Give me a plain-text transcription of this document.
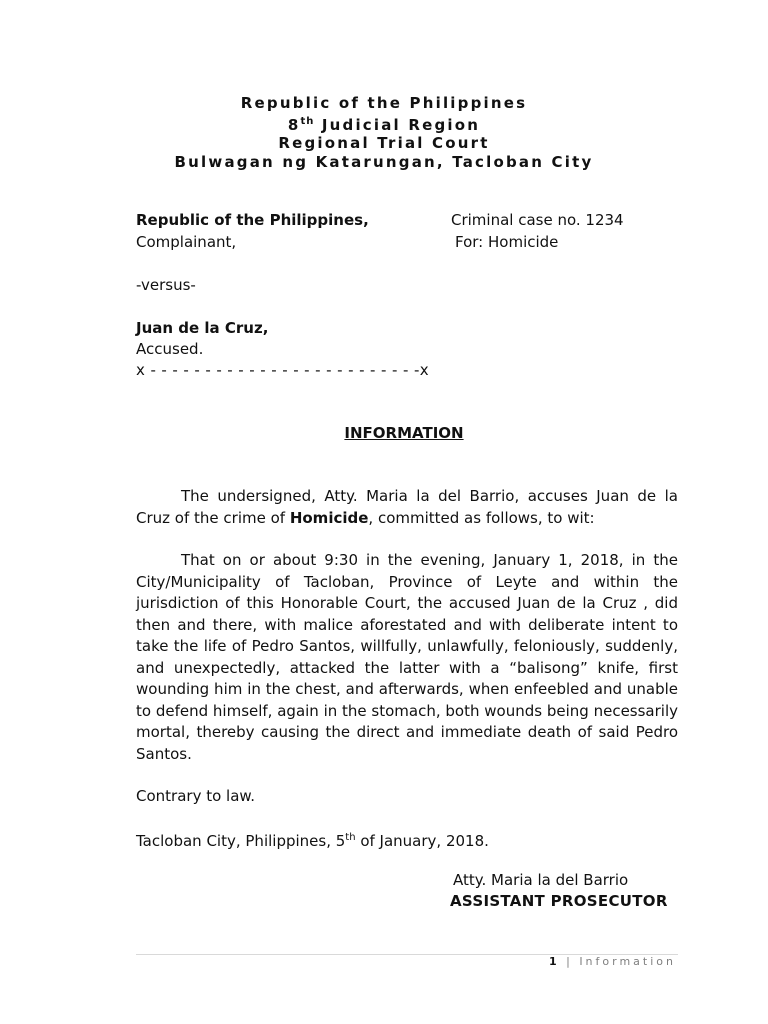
Republic of the Philippines
8th Judicial Region
Regional Trial Court
Bulwagan ng Katarungan, Tacloban City
Republic of the Philippines,
Complainant,
Criminal case no. 1234
For: Homicide
-versus-
Juan de la Cruz,
Accused.
x - - - - - - - - - - - - - - - - - - - - - - - - -x
INFORMATION
The undersigned, Atty. Maria la del Barrio, accuses Juan de la Cruz of the crime of Homicide, committed as follows, to wit:
That on or about 9:30 in the evening, January 1, 2018, in the City/Municipality of Tacloban, Province of Leyte and within the jurisdiction of this Honorable Court, the accused Juan de la Cruz , did then and there, with malice aforestated and with deliberate intent to take the life of Pedro Santos, willfully, unlawfully, feloniously, suddenly, and unexpectedly, attacked the latter with a “balisong” knife, first wounding him in the chest, and afterwards, when enfeebled and unable to defend himself, again in the stomach, both wounds being necessarily mortal, thereby causing the direct and immediate death of said Pedro Santos.
Contrary to law.
Tacloban City, Philippines, 5th of January, 2018.
Atty. Maria la del Barrio
ASSISTANT PROSECUTOR
1 | Information
